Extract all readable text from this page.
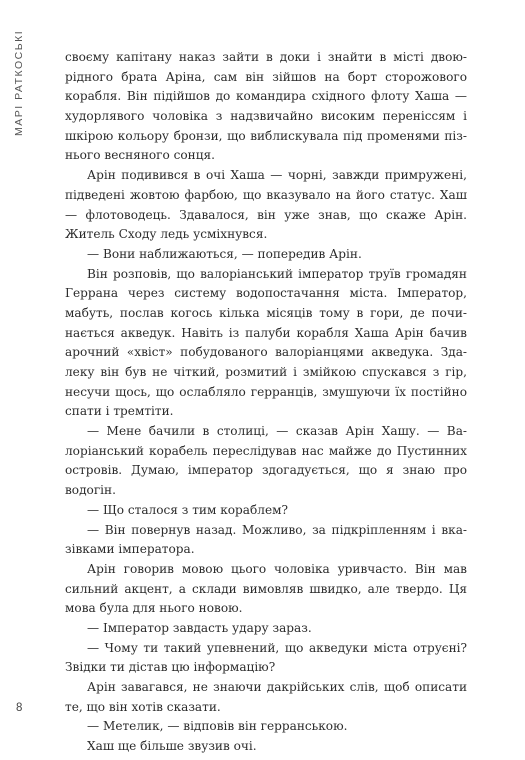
МАРІ РАТКОСЬКІ	своєму капітану наказ зайти в доки і знайти в місті двоюрідного брата Аріна, сам він зійшов на борт сторожового корабля. Він підійшов до командира східного флоту Хаша — худорлявого чоловіка з надзвичайно високим переніссям і шкірою кольору бронзи, що виблискувала під променями пізнього весняного сонця.

Арін подивився в очі Хаша — чорні, завжди примружені, підведені жовтою фарбою, що вказувало на його статус. Хаш — флотоводець. Здавалося, він уже знав, що скаже Арін. Житель Сходу ледь усміхнувся.

— Вони наближаються, — попередив Арін.

Він розповів, що валоріанський імператор труїв громадян Геррана через систему водопостачання міста. Імператор, мабуть, послав когось кілька місяців тому в гори, де починається акведук. Навіть із палуби корабля Хаша Арін бачив арочний «хвіст» побудованого валоріанцями акведука. Здалеку він був не чіткий, розмитий і змійкою спускався з гір, несучи щось, що ослабляло герранців, змушуючи їх постійно спати і тремтіти.

— Мене бачили в столиці, — сказав Арін Хашу. — Валоріанський корабель переслідував нас майже до Пустинних островів. Думаю, імператор здогадується, що я знаю про водогін.

— Що сталося з тим кораблем?

— Він повернув назад. Можливо, за підкріпленням і вказівками імператора.

Арін говорив мовою цього чоловіка уривчасто. Він мав сильний акцент, а склади вимовляв швидко, але твердо. Ця мова була для нього новою.

— Імператор завдасть удару зараз.

— Чому ти такий упевнений, що акведуки міста отруєні? Звідки ти дістав цю інформацію?

Арін завагався, не знаючи дакрійських слів, щоб описати те, що він хотів сказати.

— Метелик, — відповів він герранською.

Хаш ще більше звузив очі.

8
